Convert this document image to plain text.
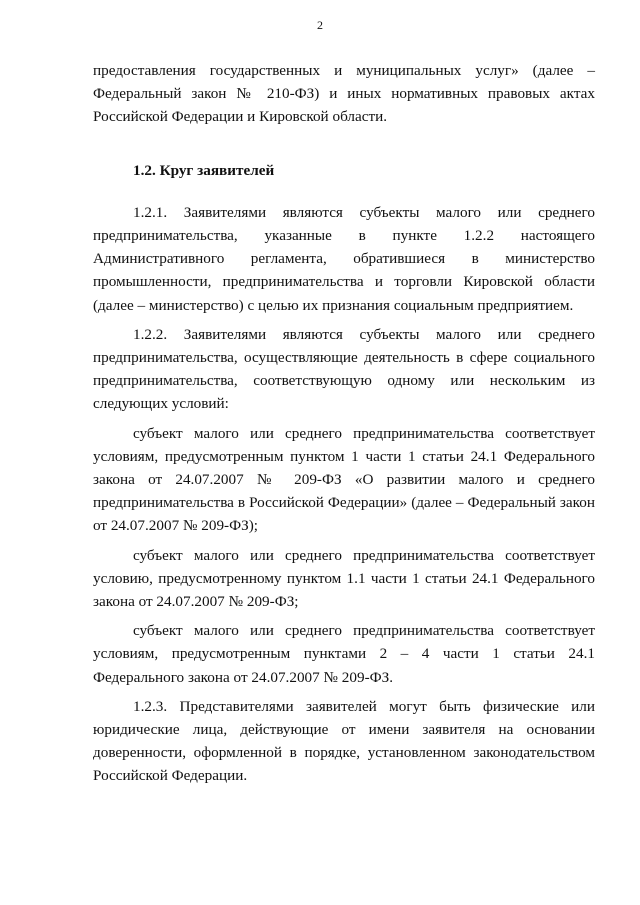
2

предоставления государственных и муниципальных услуг» (далее – Федеральный закон № 210-ФЗ) и иных нормативных правовых актах Российской Федерации и Кировской области.

1.2. Круг заявителей

1.2.1. Заявителями являются субъекты малого или среднего предпринимательства, указанные в пункте 1.2.2 настоящего Административного регламента, обратившиеся в министерство промышленности, предпринимательства и торговли Кировской области (далее – министерство) с целью их признания социальным предприятием.

1.2.2. Заявителями являются субъекты малого или среднего предпринимательства, осуществляющие деятельность в сфере социального предпринимательства, соответствующую одному или нескольким из следующих условий:

субъект малого или среднего предпринимательства соответствует условиям, предусмотренным пунктом 1 части 1 статьи 24.1 Федерального закона от 24.07.2007 № 209-ФЗ «О развитии малого и среднего предпринимательства в Российской Федерации» (далее – Федеральный закон от 24.07.2007 № 209-ФЗ);

субъект малого или среднего предпринимательства соответствует условию, предусмотренному пунктом 1.1 части 1 статьи 24.1 Федерального закона от 24.07.2007 № 209-ФЗ;

субъект малого или среднего предпринимательства соответствует условиям, предусмотренным пунктами 2 – 4 части 1 статьи 24.1 Федерального закона от 24.07.2007 № 209-ФЗ.

1.2.3. Представителями заявителей могут быть физические или юридические лица, действующие от имени заявителя на основании доверенности, оформленной в порядке, установленном законодательством Российской Федерации.
